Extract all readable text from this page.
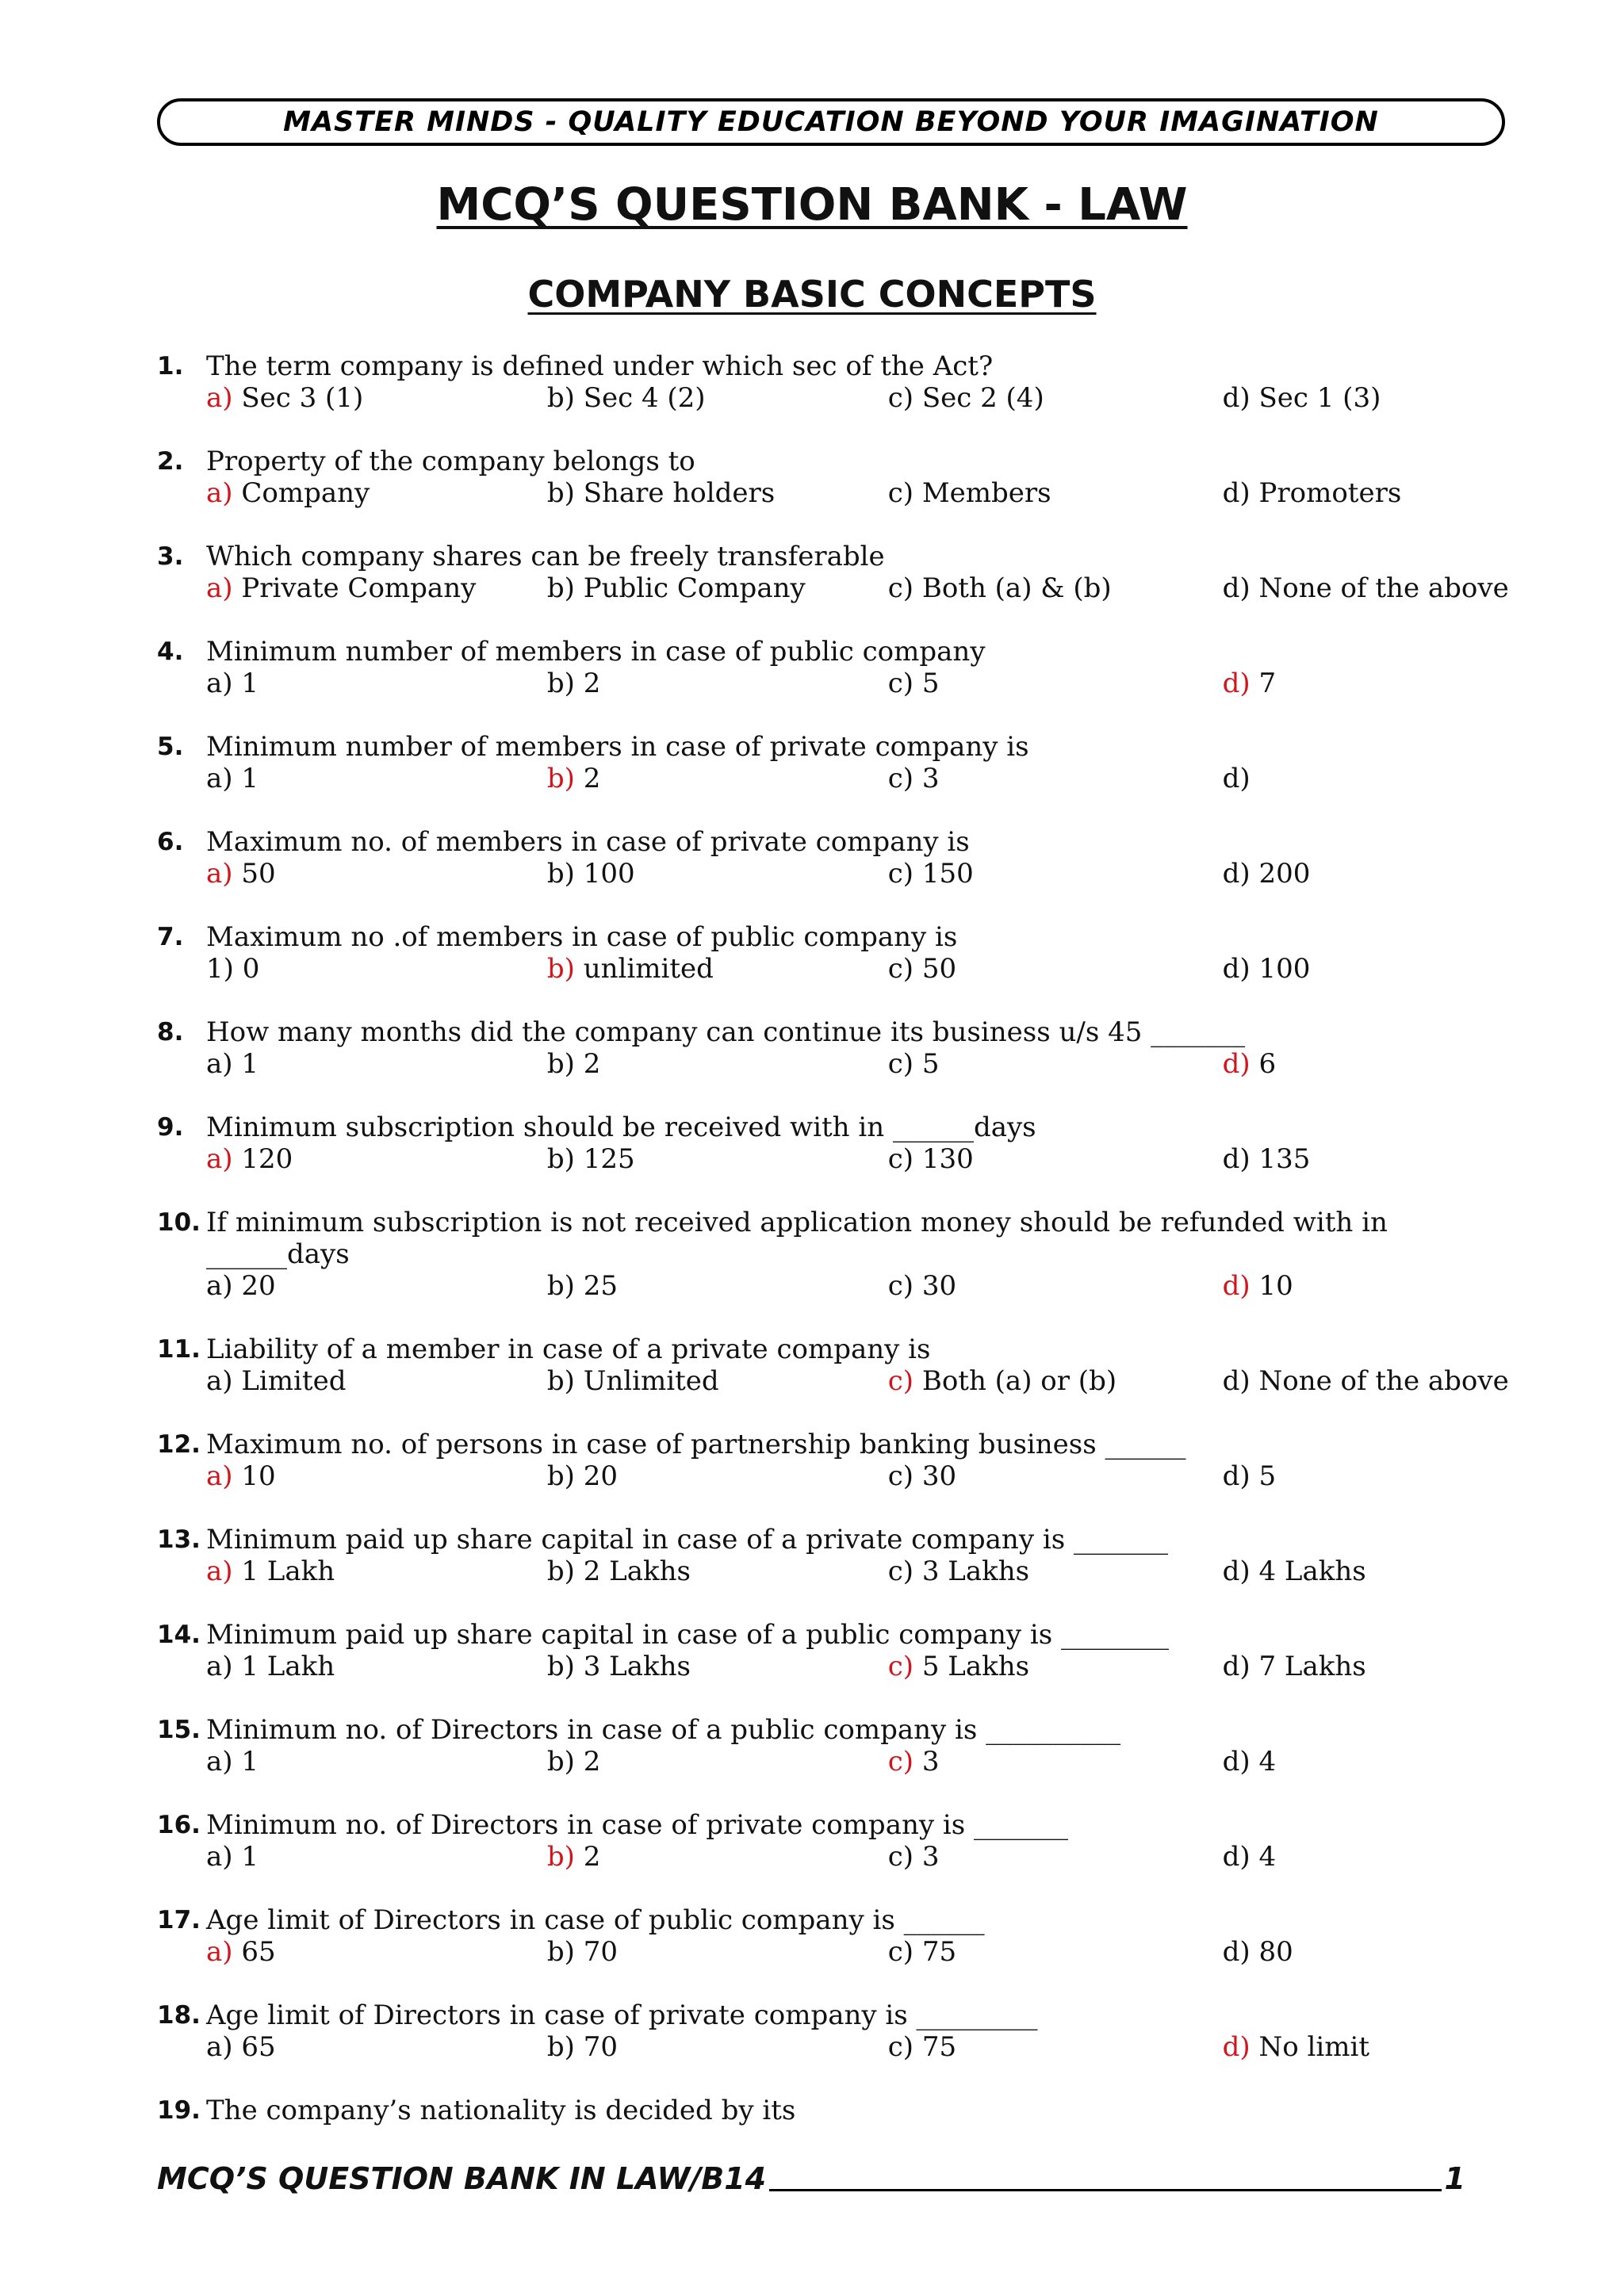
MASTER MINDS - QUALITY EDUCATION BEYOND YOUR IMAGINATION
MCQ’S QUESTION BANK - LAW
COMPANY BASIC CONCEPTS
1. The term company is defined under which sec of the Act?
a) Sec 3 (1)	b) Sec 4 (2)	c) Sec 2 (4)	d) Sec 1 (3)
2. Property of the company belongs to
a) Company	b) Share holders	c) Members	d) Promoters
3. Which company shares can be freely transferable
a) Private Company	b) Public Company	c) Both (a) & (b)	d) None of the above
4. Minimum number of members in case of public company
a) 1	b) 2	c) 5	d) 7
5. Minimum number of members in case of private company is
a) 1	b) 2	c) 3	d)
6. Maximum no. of members in case of private company is
a) 50	b) 100	c) 150	d) 200
7. Maximum no .of members in case of public company is
1) 0	b) unlimited	c) 50	d) 100
8. How many months did the company can continue its business u/s 45 _______
a) 1	b) 2	c) 5	d) 6
9. Minimum subscription should be received with in ______days
a) 120	b) 125	c) 130	d) 135
10. If minimum subscription is not received application money should be refunded with in ______days
a) 20	b) 25	c) 30	d) 10
11. Liability of a member in case of a private company is
a) Limited	b) Unlimited	c) Both (a) or (b)	d) None of the above
12. Maximum no. of persons in case of partnership banking business ______
a) 10	b) 20	c) 30	d) 5
13. Minimum paid up share capital in case of a private company is _______
a) 1 Lakh	b) 2 Lakhs	c) 3 Lakhs	d) 4 Lakhs
14. Minimum paid up share capital in case of a public company is ________
a) 1 Lakh	b) 3 Lakhs	c) 5 Lakhs	d) 7 Lakhs
15. Minimum no. of Directors in case of a public company is __________
a) 1	b) 2	c) 3	d) 4
16. Minimum no. of Directors in case of private company is _______
a) 1	b) 2	c) 3	d) 4
17. Age limit of Directors in case of public company is ______
a) 65	b) 70	c) 75	d) 80
18. Age limit of Directors in case of private company is _________
a) 65	b) 70	c) 75	d) No limit
19. The company’s nationality is decided by its
MCQ’S QUESTION BANK IN LAW/B14	1
